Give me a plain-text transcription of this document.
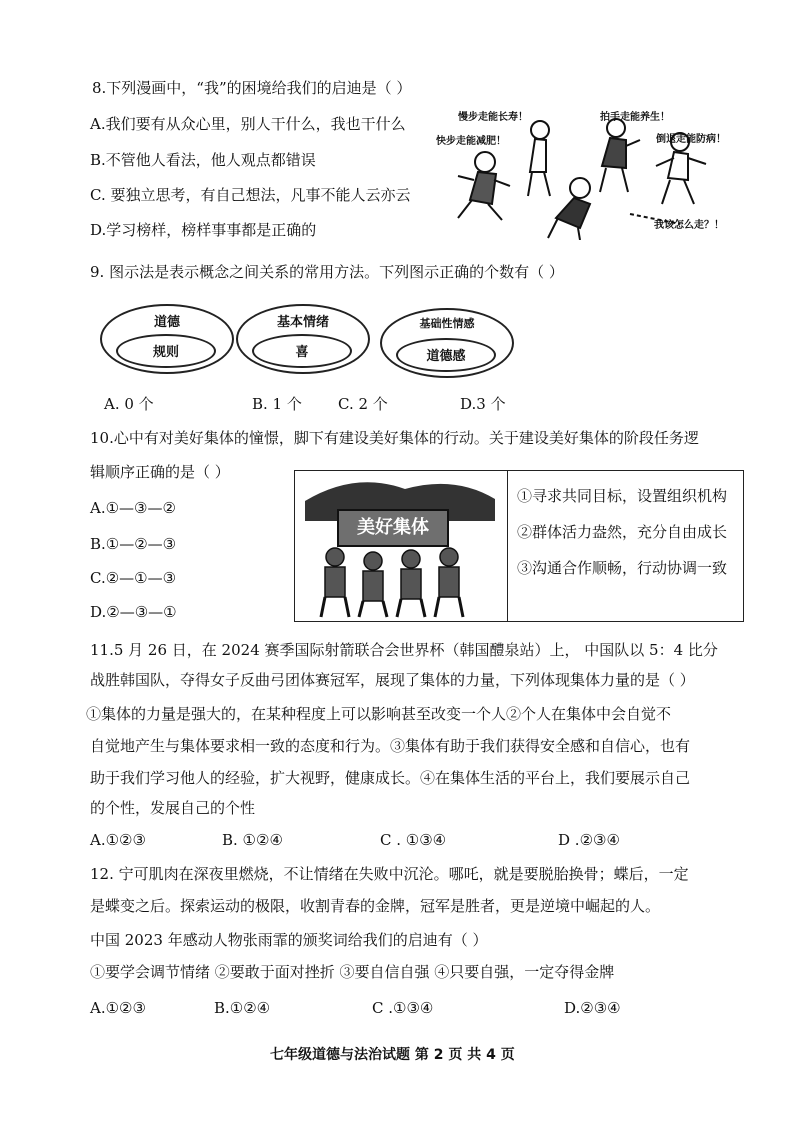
8.下列漫画中，“我”的困境给我们的启迪是（ ）
A.我们要有从众心里，别人干什么，我也干什么
B.不管他人看法，他人观点都错误
C. 要独立思考，有自己想法，凡事不能人云亦云
D.学习榜样，榜样事事都是正确的
慢步走能长寿！
快步走能减肥！
拍手走能养生！
倒退走能防病！
我该怎么走？！
9. 图示法是表示概念之间关系的常用方法。下列图示正确的个数有（ ）
道德
规则
基本情绪
喜
基础性情感
道德感
A. 0 个	B. 1 个 C. 2 个	D.3 个
10.心中有对美好集体的憧憬，脚下有建设美好集体的行动。关于建设美好集体的阶段任务逻
辑顺序正确的是（ ）
A.①—③—②
B.①—②—③
C.②—①—③
D.②—③—①
美好集体
①寻求共同目标，设置组织机构
②群体活力盎然，充分自由成长
③沟通合作顺畅，行动协调一致
11.5 月 26 日，在 2024 赛季国际射箭联合会世界杯（韩国醴泉站）上， 中国队以 5：4 比分
战胜韩国队，夺得女子反曲弓团体赛冠军，展现了集体的力量，下列体现集体力量的是（ ）
①集体的力量是强大的，在某种程度上可以影响甚至改变一个人②个人在集体中会自觉不
自觉地产生与集体要求相一致的态度和行为。③集体有助于我们获得安全感和自信心，也有
助于我们学习他人的经验，扩大视野，健康成长。④在集体生活的平台上，我们要展示自己
的个性，发展自己的个性
A.①②③	B. ①②④	C . ①③④	D .②③④
12. 宁可肌肉在深夜里燃烧，不让情绪在失败中沉沦。哪吒，就是要脱胎换骨；蝶后，一定
是蝶变之后。探索运动的极限，收割青春的金牌，冠军是胜者，更是逆境中崛起的人。
中国 2023 年感动人物张雨霏的颁奖词给我们的启迪有（ ）
①要学会调节情绪 ②要敢于面对挫折 ③要自信自强 ④只要自强，一定夺得金牌
A.①②③	B.①②④	C .①③④	D.②③④
七年级道德与法治试题 第 2 页 共 4 页
